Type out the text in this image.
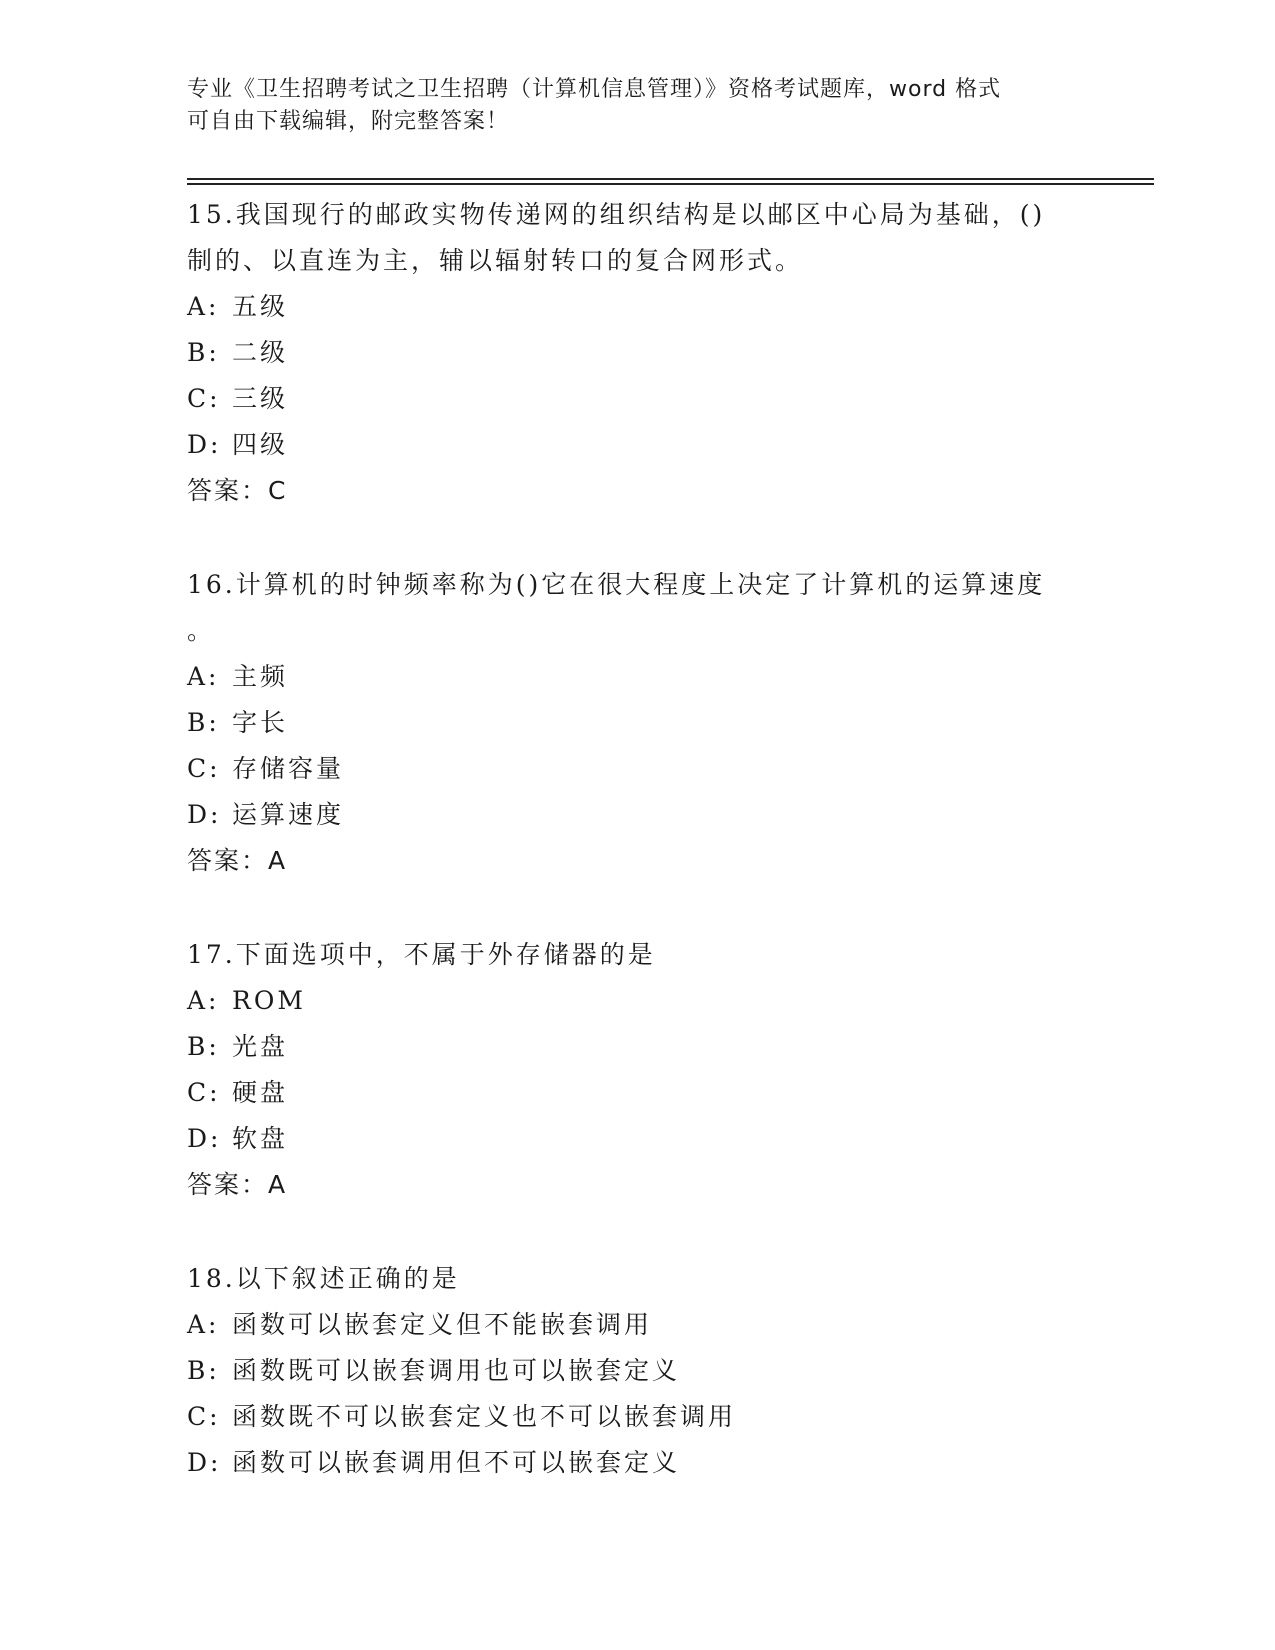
专业《卫生招聘考试之卫生招聘（计算机信息管理）》资格考试题库，word 格式
可自由下载编辑，附完整答案！
15.我国现行的邮政实物传递网的组织结构是以邮区中心局为基础，()
制的、以直连为主，辅以辐射转口的复合网形式。
A: 五级
B: 二级
C: 三级
D: 四级
答案：C
16.计算机的时钟频率称为()它在很大程度上决定了计算机的运算速度
。
A: 主频
B: 字长
C: 存储容量
D: 运算速度
答案：A
17.下面选项中，不属于外存储器的是
A: ROM
B: 光盘
C: 硬盘
D: 软盘
答案：A
18.以下叙述正确的是
A: 函数可以嵌套定义但不能嵌套调用
B: 函数既可以嵌套调用也可以嵌套定义
C: 函数既不可以嵌套定义也不可以嵌套调用
D: 函数可以嵌套调用但不可以嵌套定义
